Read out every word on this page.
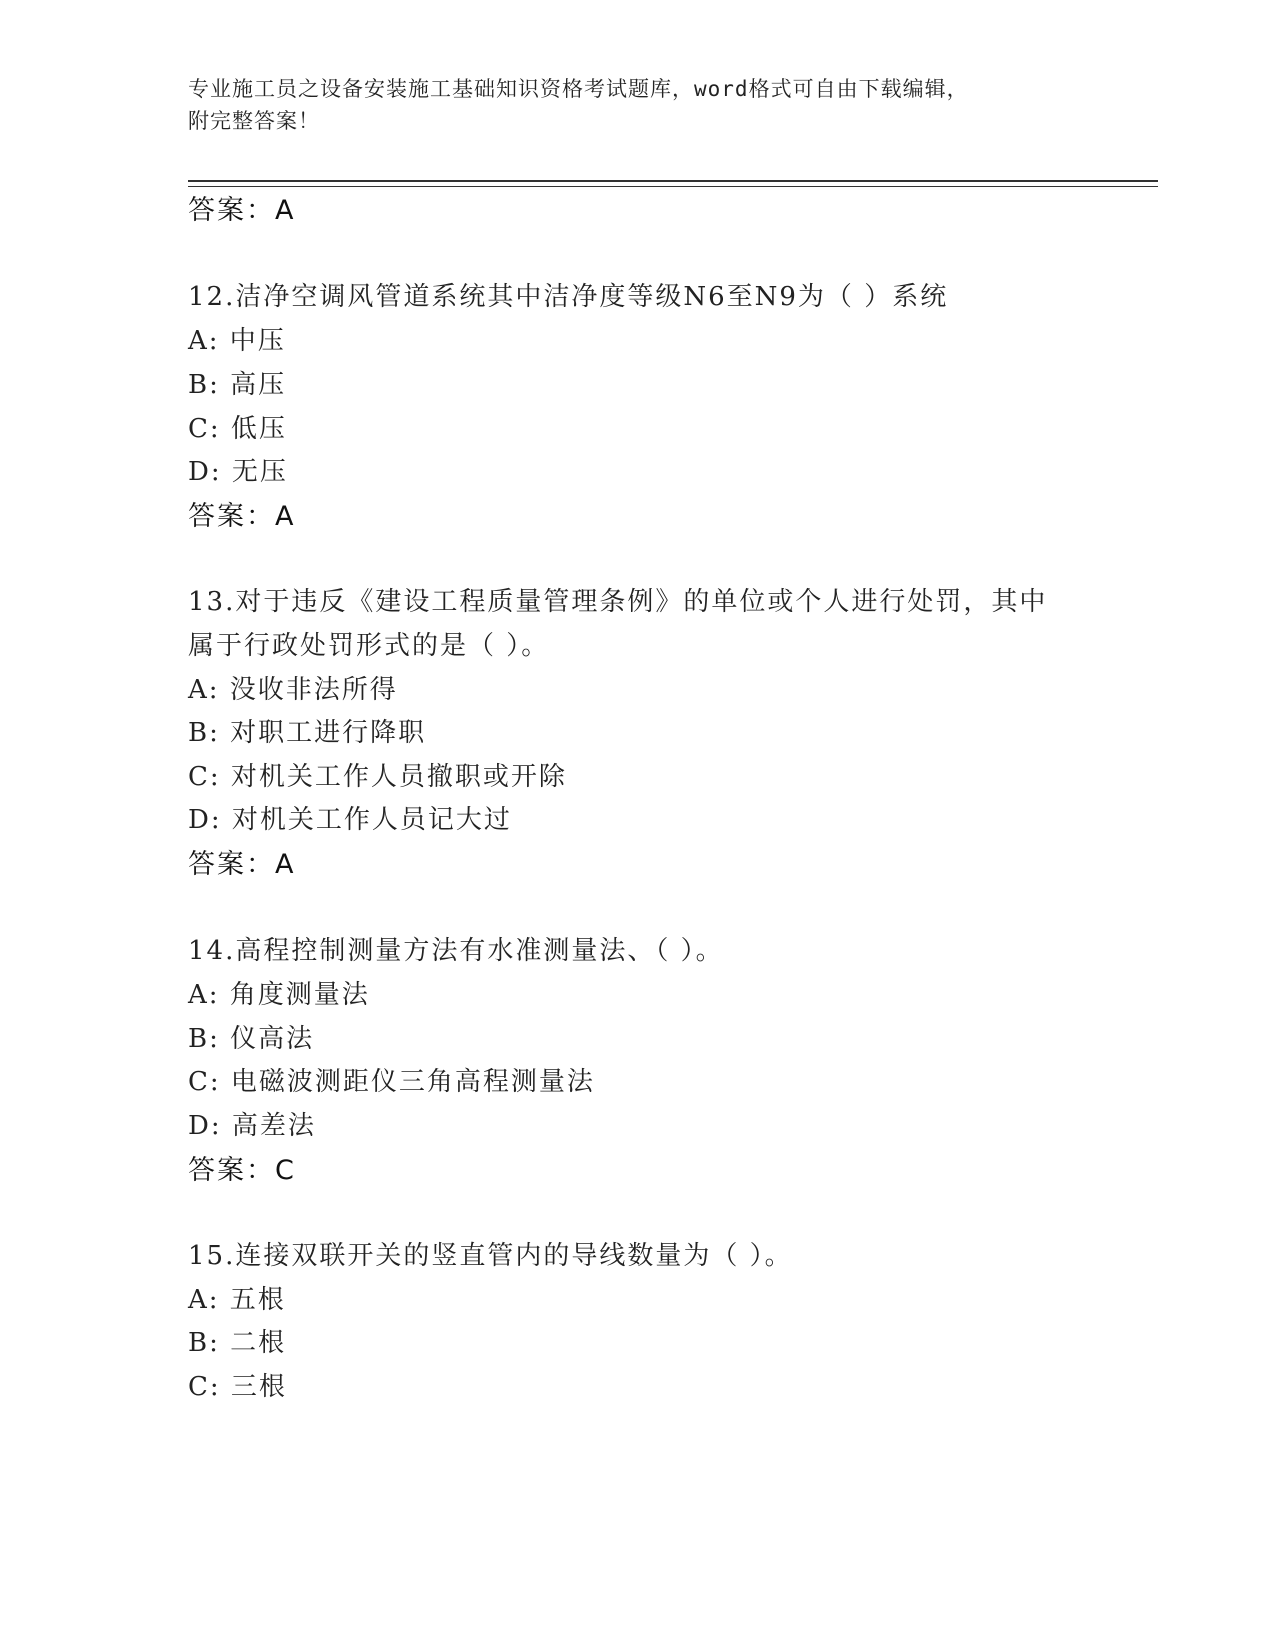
专业施工员之设备安装施工基础知识资格考试题库，word格式可自由下载编辑，
附完整答案！
答案：A
12.洁净空调风管道系统其中洁净度等级N6至N9为（ ）系统
A: 中压
B: 高压
C: 低压
D: 无压
答案：A
13.对于违反《建设工程质量管理条例》的单位或个人进行处罚，其中
属于行政处罚形式的是（ ）。
A: 没收非法所得
B: 对职工进行降职
C: 对机关工作人员撤职或开除
D: 对机关工作人员记大过
答案：A
14.高程控制测量方法有水准测量法、（ ）。
A: 角度测量法
B: 仪高法
C: 电磁波测距仪三角高程测量法
D: 高差法
答案：C
15.连接双联开关的竖直管内的导线数量为（ ）。
A: 五根
B: 二根
C: 三根
